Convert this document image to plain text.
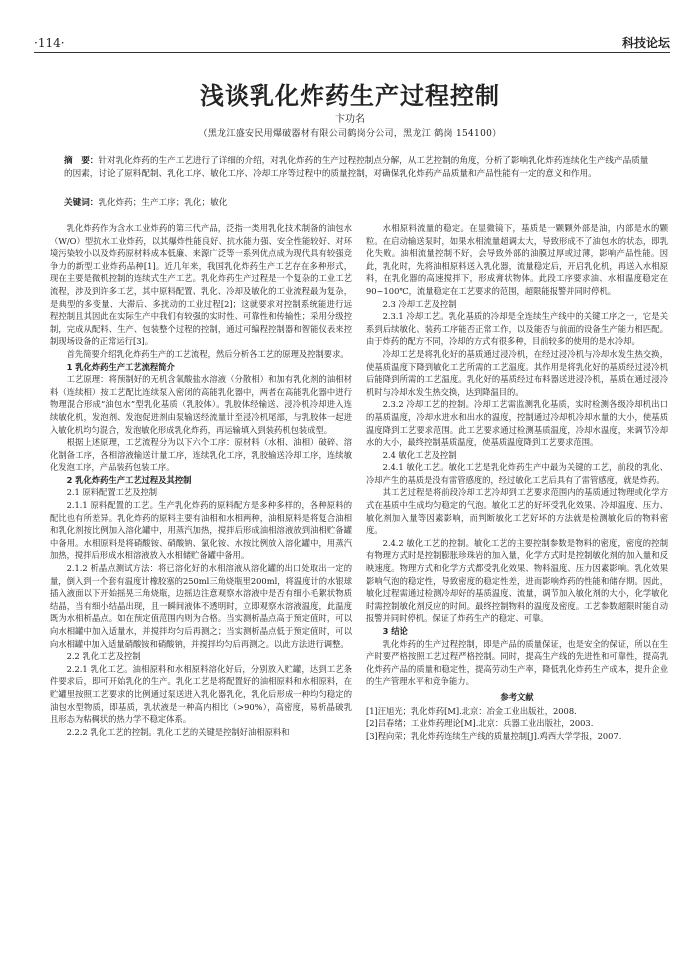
·114·	科技论坛
浅谈乳化炸药生产过程控制
卞功名
（黑龙江盛安民用爆破器材有限公司鹤岗分公司，黑龙江 鹤岗 154100）
摘　要：针对乳化炸药的生产工艺进行了详细的介绍，对乳化炸药的生产过程控制点分解，从工艺控制的角度，分析了影响乳化炸药连续化生产线产品质量的因素，讨论了原料配制、乳化工序、敏化工序、冷却工序等过程中的质量控制，对确保乳化炸药产品质量和产品性能有一定的意义和作用。
关键词：乳化炸药；生产工序；乳化；敏化

乳化炸药作为含水工业炸药的第三代产品，泛指一类用乳化技术制备的油包水（W/O）型抗水工业炸药，以其爆炸性能良好、抗水能力强、安全性能较好、对环境污染较小以及炸药原材料成本低廉、来源广泛等一系列优点成为现代具有较强竞争力的新型工业炸药品种[1]。近几年来，我国乳化炸药生产工艺存在多种形式，现在主要是微机控制的连续式生产工艺。乳化炸药生产过程是一个复杂的工业工艺流程，涉及到许多工艺，其中原料配置、乳化、冷却及敏化的工业流程最为复杂，是典型的多变量、大滞后、多扰动的工业过程[2]；这就要求对控制系统能进行远程控制且其因此在实际生产中我们有较强的实时性、可靠性和传输性；采用分级控制，完成从配料、生产、包装整个过程的控制，通过可编程控制器和智能仪表来控制现场设备的正常运行[3]。

首先简要介绍乳化炸药生产的工艺流程，然后分析各工艺的原理及控制要求。

1 乳化炸药生产工艺流程简介

工艺原理：将预制好的无机含氧酸盐水溶液（分散相）和加有乳化剂的油相材料（连续相）按工艺配比连续泵入密闭的高能乳化器中，两者在高能乳化器中进行物理混合形成“油包水”型乳化基质（乳胶体）。乳胶体经输送、浸冷机冷却进入连续敏化机，发泡剂、发泡促进剂由泵输送经流量计至浸冷机尾部，与乳胶体一起进入敏化机均匀混合，发泡敏化形成乳化炸药，再运输填入到装药机包装成型。

根据上述原理，工艺流程分为以下六个工序：原材料（水相、油相）破碎、溶化制备工序，各相溶液输送计量工序，连续乳化工序，乳胶输送冷却工序，连续敏化发泡工序，产品装药包装工序。

2 乳化炸药生产工艺过程及其控制

2.1 原料配置工艺及控制

2.1.1 原料配置的工艺。生产乳化炸药的原料配方是多种多样的，各种原料的配比也有所差异。乳化炸药的原料主要有油相和水相两种，油相原料是将复合油相和乳化剂按比例加入溶化罐中，用蒸汽加热，搅拌后形成油相溶液放到油相贮备罐中备用。水相原料是将硝酸铵、硝酸钠、氯化铵、水按比例放入溶化罐中，用蒸汽加热，搅拌后形成水相溶液放入水相储贮备罐中备用。

2.1.2 析晶点测试方法：将已溶化好的水相溶液从溶化罐的出口处取出一定的量，倒入到一个套有温度计橡胶塞的250ml三角烧瓶里200ml，将温度计的水银球插入液面以下开始摇晃三角烧瓶，边摇边注意观察水溶液中是否有细小毛絮状物质结晶，当有细小结晶出现，且一瞬间液体不透明时，立即观察水溶液温度，此温度既为水相析晶点。如在预定值范围内则为合格。当实测析晶点高于预定值时，可以向水相罐中加入适量水，并搅拌均匀后再测之；当实测析晶点低于预定值时，可以向水相罐中加入适量硝酸铵和硝酸钠，并搅拌均匀后再测之。以此方法进行调整。

2.2 乳化工艺及控制

2.2.1 乳化工艺。油相原料和水相原料溶化好后，分别放入贮罐，达到工艺条件要求后，即可开始乳化的生产。乳化工艺是将配置好的油相原料和水相原料，在贮罐里按照工艺要求的比例通过泵送进入乳化器乳化，乳化后形成一种均匀稳定的油包水型物质，即基质，乳状液是一种高内相比（>90%），高密度，易析晶破乳且形态为粘稠状的热力学不稳定体系。

2.2.2 乳化工艺的控制。乳化工艺的关键是控制好油相原料和

水相原料流量的稳定。在显微镜下，基质是一颗颗外部是油，内部是水的颗粒。在启动输送泵时，如果水相流量超调太大，导致形成不了油包水的状态，即乳化失败。油相流量控制不好，会导致外部的油膜过厚或过薄，影响产品性能。因此，乳化时，先将油相原料送入乳化器，流量稳定后，开启乳化机，再送入水相原料，在乳化器的高速搅拌下，形成膏状物体。此段工序要求油、水相温度稳定在90~100℃，流量稳定在工艺要求的范围，超限能报警并同时停机。

2.3 冷却工艺及控制

2.3.1 冷却工艺。乳化基质的冷却是全连续生产线中的关键工序之一，它是关系到后续敏化、装药工序能否正常工作，以及能否与前面的设备生产能力相匹配。由于炸药的配方不同，冷却的方式有很多种，目前较多的使用的是水冷却。

冷却工艺是将乳化好的基质通过浸冷机，在经过浸冷机与冷却水发生热交换，使基质温度下降到敏化工艺所需的工艺温度。其作用是将乳化好的基质经过浸冷机后能降到所需的工艺温度。乳化好的基质经过布料器送进浸冷机，基质在通过浸冷机时与冷却水发生热交换，达到降温目的。

2.3.2 冷却工艺的控制。冷却工艺需监测乳化基质，实时检测各级冷却机出口的基质温度，冷却水进水和出水的温度，控制通过冷却机冷却水量的大小，使基质温度降到工艺要求范围。此工艺要求通过检测基质温度，冷却水温度，来调节冷却水的大小，最终控制基质温度，使基质温度降到工艺要求范围。

2.4 敏化工艺及控制

2.4.1 敏化工艺。敏化工艺是乳化炸药生产中最为关键的工艺，前段的乳化、冷却产生的基质是没有雷管感度的，经过敏化工艺后具有了雷管感度，就是炸药。

其工艺过程是将前段冷却工艺冷却到工艺要求范围内的基质通过物理或化学方式在基质中生成均匀稳定的气泡。敏化工艺的好坏受乳化效果、冷却温度、压力、敏化剂加入量等因素影响，而判断敏化工艺好坏的方法就是检测敏化后的物料密度。

2.4.2 敏化工艺的控制。敏化工艺的主要控制参数是物料的密度，密度的控制有物理方式时是控制膨胀珍珠岩的加入量，化学方式时是控制敏化剂的加入量和反映速度。物理方式和化学方式都受乳化效果、物料温度、压力因素影响。乳化效果影响气泡的稳定性，导致密度的稳定性差，进而影响炸药的性能和储存期。因此，敏化过程需通过检测冷却好的基质温度、流量，调节加入敏化剂的大小，化学敏化时需控制敏化剂反应的时间。最终控制物料的温度及密度。工艺参数超限时能自动报警并同时停机。保证了炸药生产的稳定、可靠。

3 结论

乳化炸药的生产过程控制，即是产品的质量保证，也是安全的保证，所以在生产时要严格按照工艺过程严格控制。同时，提高生产线的先进性和可靠性，提高乳化炸药产品的质量和稳定性，提高劳动生产率，降低乳化炸药生产成本，提升企业的生产管理水平和竞争能力。

参考文献

[1]汪旭光；乳化炸药[M].北京：冶金工业出版社，2008.

[2]吕春绪；工业炸药理论[M].北京：兵器工业出版社，2003.

[3]程向荣；乳化炸药连续生产线的质量控制[J].鸡西大学学报，2007.
